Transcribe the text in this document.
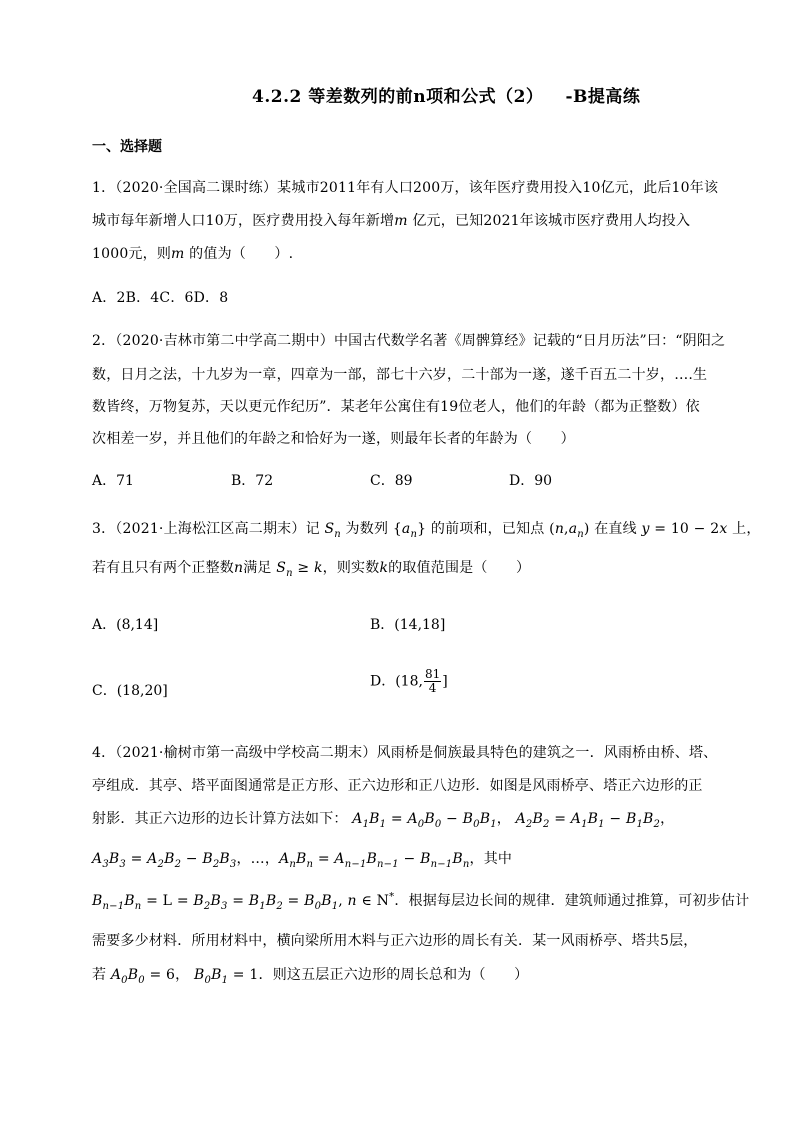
4.2.2 等差数列的前n项和公式（2） -B提高练
一、选择题
1．（2020·全国高二课时练）某城市2011年有人口200万，该年医疗费用投入10亿元，此后10年该
城市每年新增人口10万，医疗费用投入每年新增m 亿元，已知2021年该城市医疗费用人均投入
1000元，则m 的值为（　　）.
A．2B．4C．6D．8
2．（2020·吉林市第二中学高二期中）中国古代数学名著《周髀算经》记载的“日月历法”曰：“阴阳之
数，日月之法，十九岁为一章，四章为一部，部七十六岁，二十部为一遂，遂千百五二十岁，….生
数皆终，万物复苏，天以更元作纪历”．某老年公寓住有19位老人，他们的年龄（都为正整数）依
次相差一岁，并且他们的年龄之和恰好为一遂，则最年长者的年龄为（　　）
A．71	B．72	C．89	D．90
3．（2021·上海松江区高二期末）记 $S_n$ 为数列 $\{a_n\}$ 的前项和，已知点 $(n,a_n)$ 在直线 y = 10 − 2x 上，
若有且只有两个正整数n满足 $S_n \ge k$，则实数k的取值范围是（　　）
A．(8,14]	B．(14,18]
C．(18,20]
D．(18, $\frac{81}{4}$ ]
4．（2021·榆树市第一高级中学校高二期末）风雨桥是侗族最具特色的建筑之一．风雨桥由桥、塔、
亭组成．其亭、塔平面图通常是正方形、正六边形和正八边形．如图是风雨桥亭、塔正六边形的正
射影．其正六边形的边长计算方法如下： $A_1B_1 = A_0B_0 - B_0B_1$， $A_2B_2 = A_1B_1 - B_1B_2$，
$A_3B_3 = A_2B_2 - B_2B_3$，…，$A_nB_n = A_{n-1}B_{n-1} - B_{n-1}B_n$，其中
$B_{n-1}B_n = L = B_2B_3 = B_1B_2 = B_0B_1$, n ∈ N*．根据每层边长间的规律．建筑师通过推算，可初步估计
需要多少材料．所用材料中，横向梁所用木料与正六边形的周长有关．某一风雨桥亭、塔共5层，
若 $A_0B_0 = 6$， $B_0B_1 = 1$．则这五层正六边形的周长总和为（　　）
